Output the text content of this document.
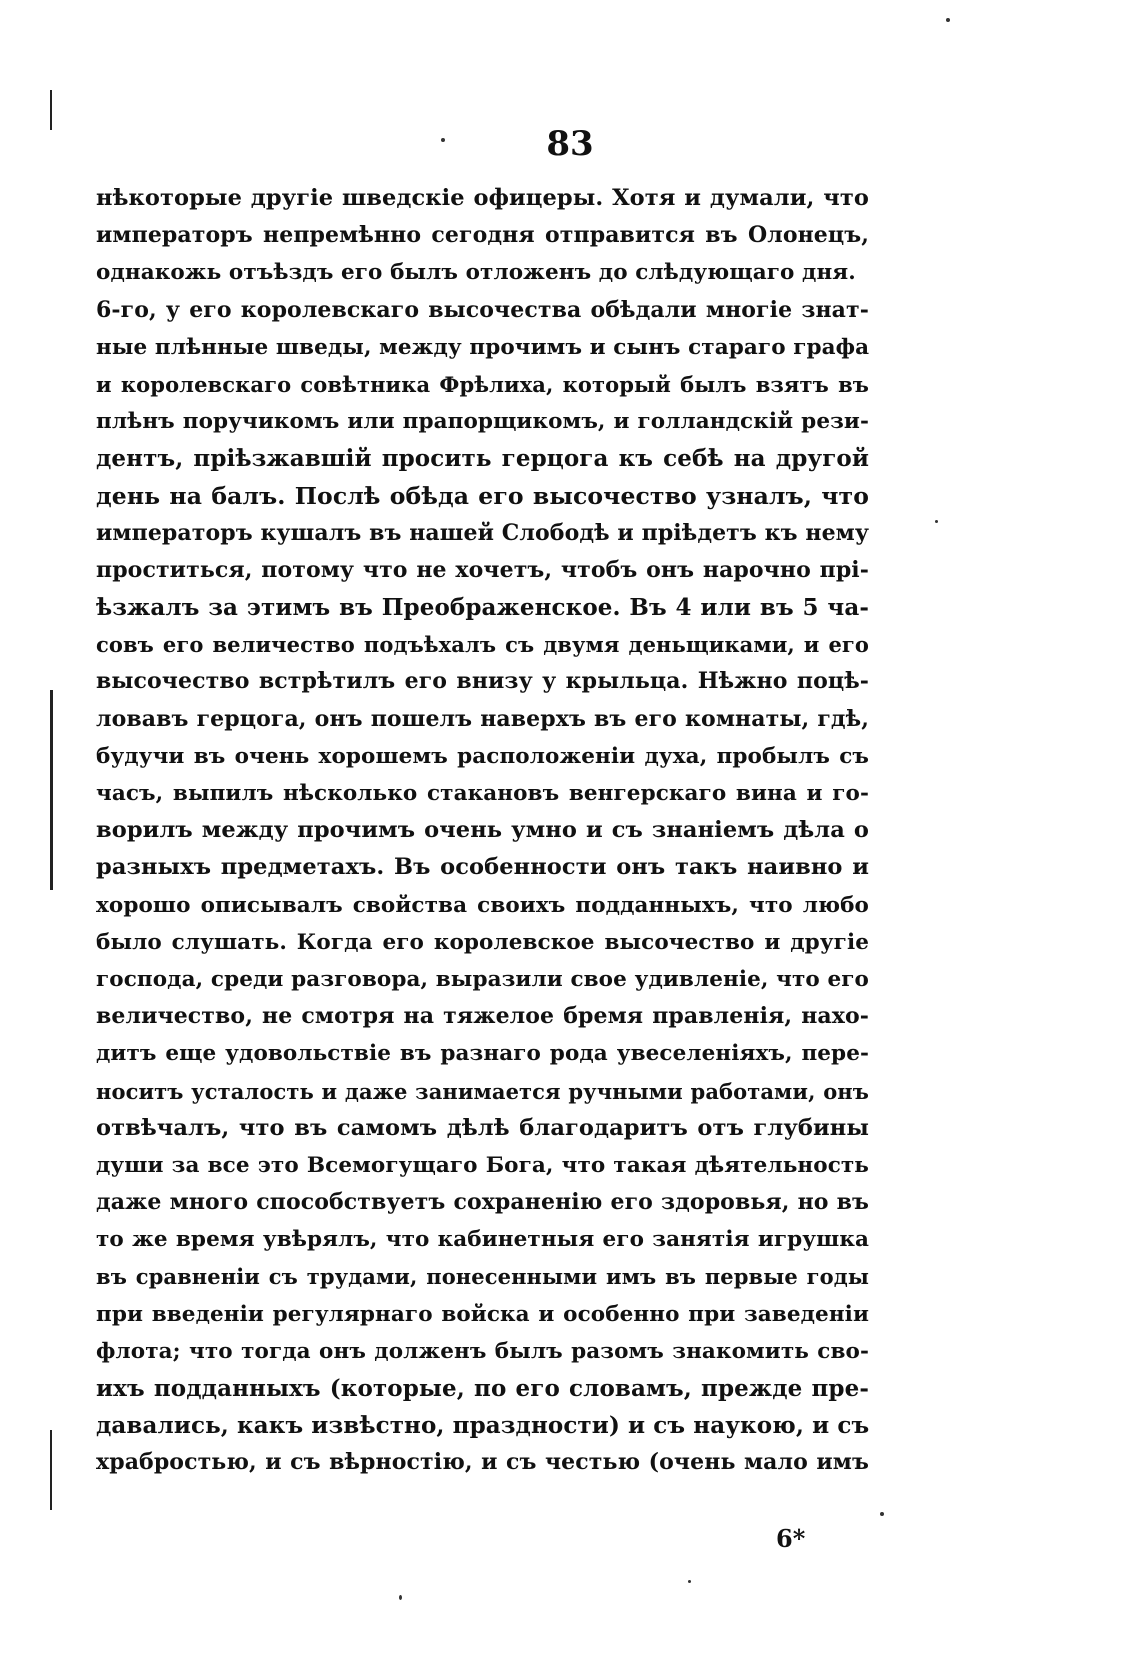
83
нѣкоторые другіе шведскіе офицеры. Хотя и думали, что
императоръ непремѣнно сегодня отправится въ Олонецъ,
однакожь отъѣздъ его былъ отложенъ до слѣдующаго дня.
6-го, у его королевскаго высочества обѣдали многіе знат-
ные плѣнные шведы, между прочимъ и сынъ стараго графа
и королевскаго совѣтника Фрѣлиха, который былъ взятъ въ
плѣнъ поручикомъ или прапорщикомъ, и голландскій рези-
дентъ, пріѣзжавшій просить герцога къ себѣ на другой
день на балъ. Послѣ обѣда его высочество узналъ, что
императоръ кушалъ въ нашей Слободѣ и пріѣдетъ къ нему
проститься, потому что не хочетъ, чтобъ онъ нарочно прі-
ѣзжалъ за этимъ въ Преображенское. Въ 4 или въ 5 ча-
совъ его величество подъѣхалъ съ двумя деньщиками, и его
высочество встрѣтилъ его внизу у крыльца. Нѣжно поцѣ-
ловавъ герцога, онъ пошелъ наверхъ въ его комнаты, гдѣ,
будучи въ очень хорошемъ расположеніи духа, пробылъ съ
часъ, выпилъ нѣсколько стакановъ венгерскаго вина и го-
ворилъ между прочимъ очень умно и съ знаніемъ дѣла о
разныхъ предметахъ. Въ особенности онъ такъ наивно и
хорошо описывалъ свойства своихъ подданныхъ, что любо
было слушать. Когда его королевское высочество и другіе
господа, среди разговора, выразили свое удивленіе, что его
величество, не смотря на тяжелое бремя правленія, нахо-
дитъ еще удовольствіе въ разнаго рода увеселеніяхъ, пере-
носитъ усталость и даже занимается ручными работами, онъ
отвѣчалъ, что въ самомъ дѣлѣ благодаритъ отъ глубины
души за все это Всемогущаго Бога, что такая дѣятельность
даже много способствуетъ сохраненію его здоровья, но въ
то же время увѣрялъ, что кабинетныя его занятія игрушка
въ сравненіи съ трудами, понесенными имъ въ первые годы
при введеніи регулярнаго войска и особенно при заведеніи
флота; что тогда онъ долженъ былъ разомъ знакомить сво-
ихъ подданныхъ (которые, по его словамъ, прежде пре-
давались, какъ извѣстно, праздности) и съ наукою, и съ
храбростью, и съ вѣрностію, и съ честью (очень мало имъ
6*
